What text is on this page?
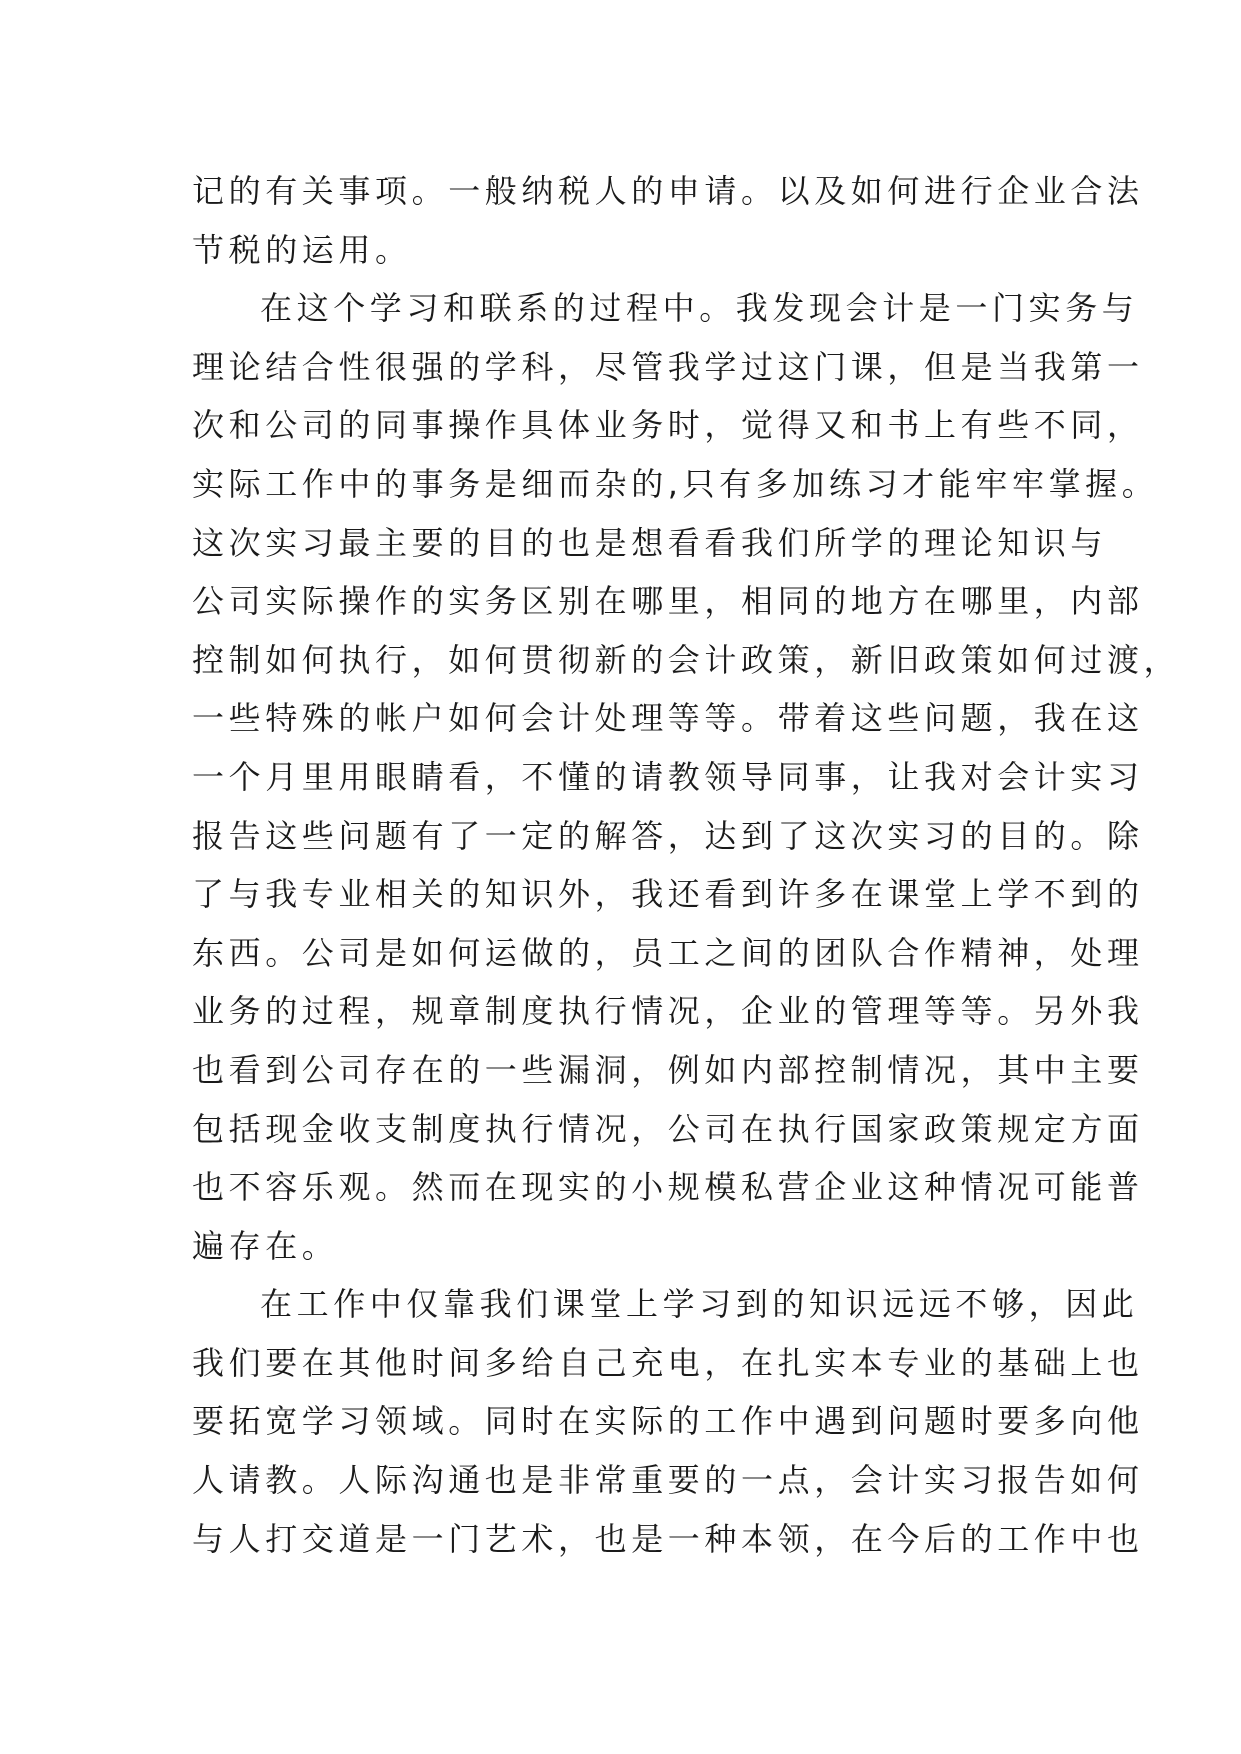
记的有关事项。一般纳税人的申请。以及如何进行企业合法
节税的运用。
在这个学习和联系的过程中。我发现会计是一门实务与
理论结合性很强的学科，尽管我学过这门课，但是当我第一
次和公司的同事操作具体业务时，觉得又和书上有些不同，
实际工作中的事务是细而杂的,只有多加练习才能牢牢掌握。
这次实习最主要的目的也是想看看我们所学的理论知识与
公司实际操作的实务区别在哪里，相同的地方在哪里，内部
控制如何执行，如何贯彻新的会计政策，新旧政策如何过渡，
一些特殊的帐户如何会计处理等等。带着这些问题，我在这
一个月里用眼睛看，不懂的请教领导同事，让我对会计实习
报告这些问题有了一定的解答，达到了这次实习的目的。除
了与我专业相关的知识外，我还看到许多在课堂上学不到的
东西。公司是如何运做的，员工之间的团队合作精神，处理
业务的过程，规章制度执行情况，企业的管理等等。另外我
也看到公司存在的一些漏洞，例如内部控制情况，其中主要
包括现金收支制度执行情况，公司在执行国家政策规定方面
也不容乐观。然而在现实的小规模私营企业这种情况可能普
遍存在。
在工作中仅靠我们课堂上学习到的知识远远不够，因此
我们要在其他时间多给自己充电，在扎实本专业的基础上也
要拓宽学习领域。同时在实际的工作中遇到问题时要多向他
人请教。人际沟通也是非常重要的一点，会计实习报告如何
与人打交道是一门艺术，也是一种本领，在今后的工作中也
